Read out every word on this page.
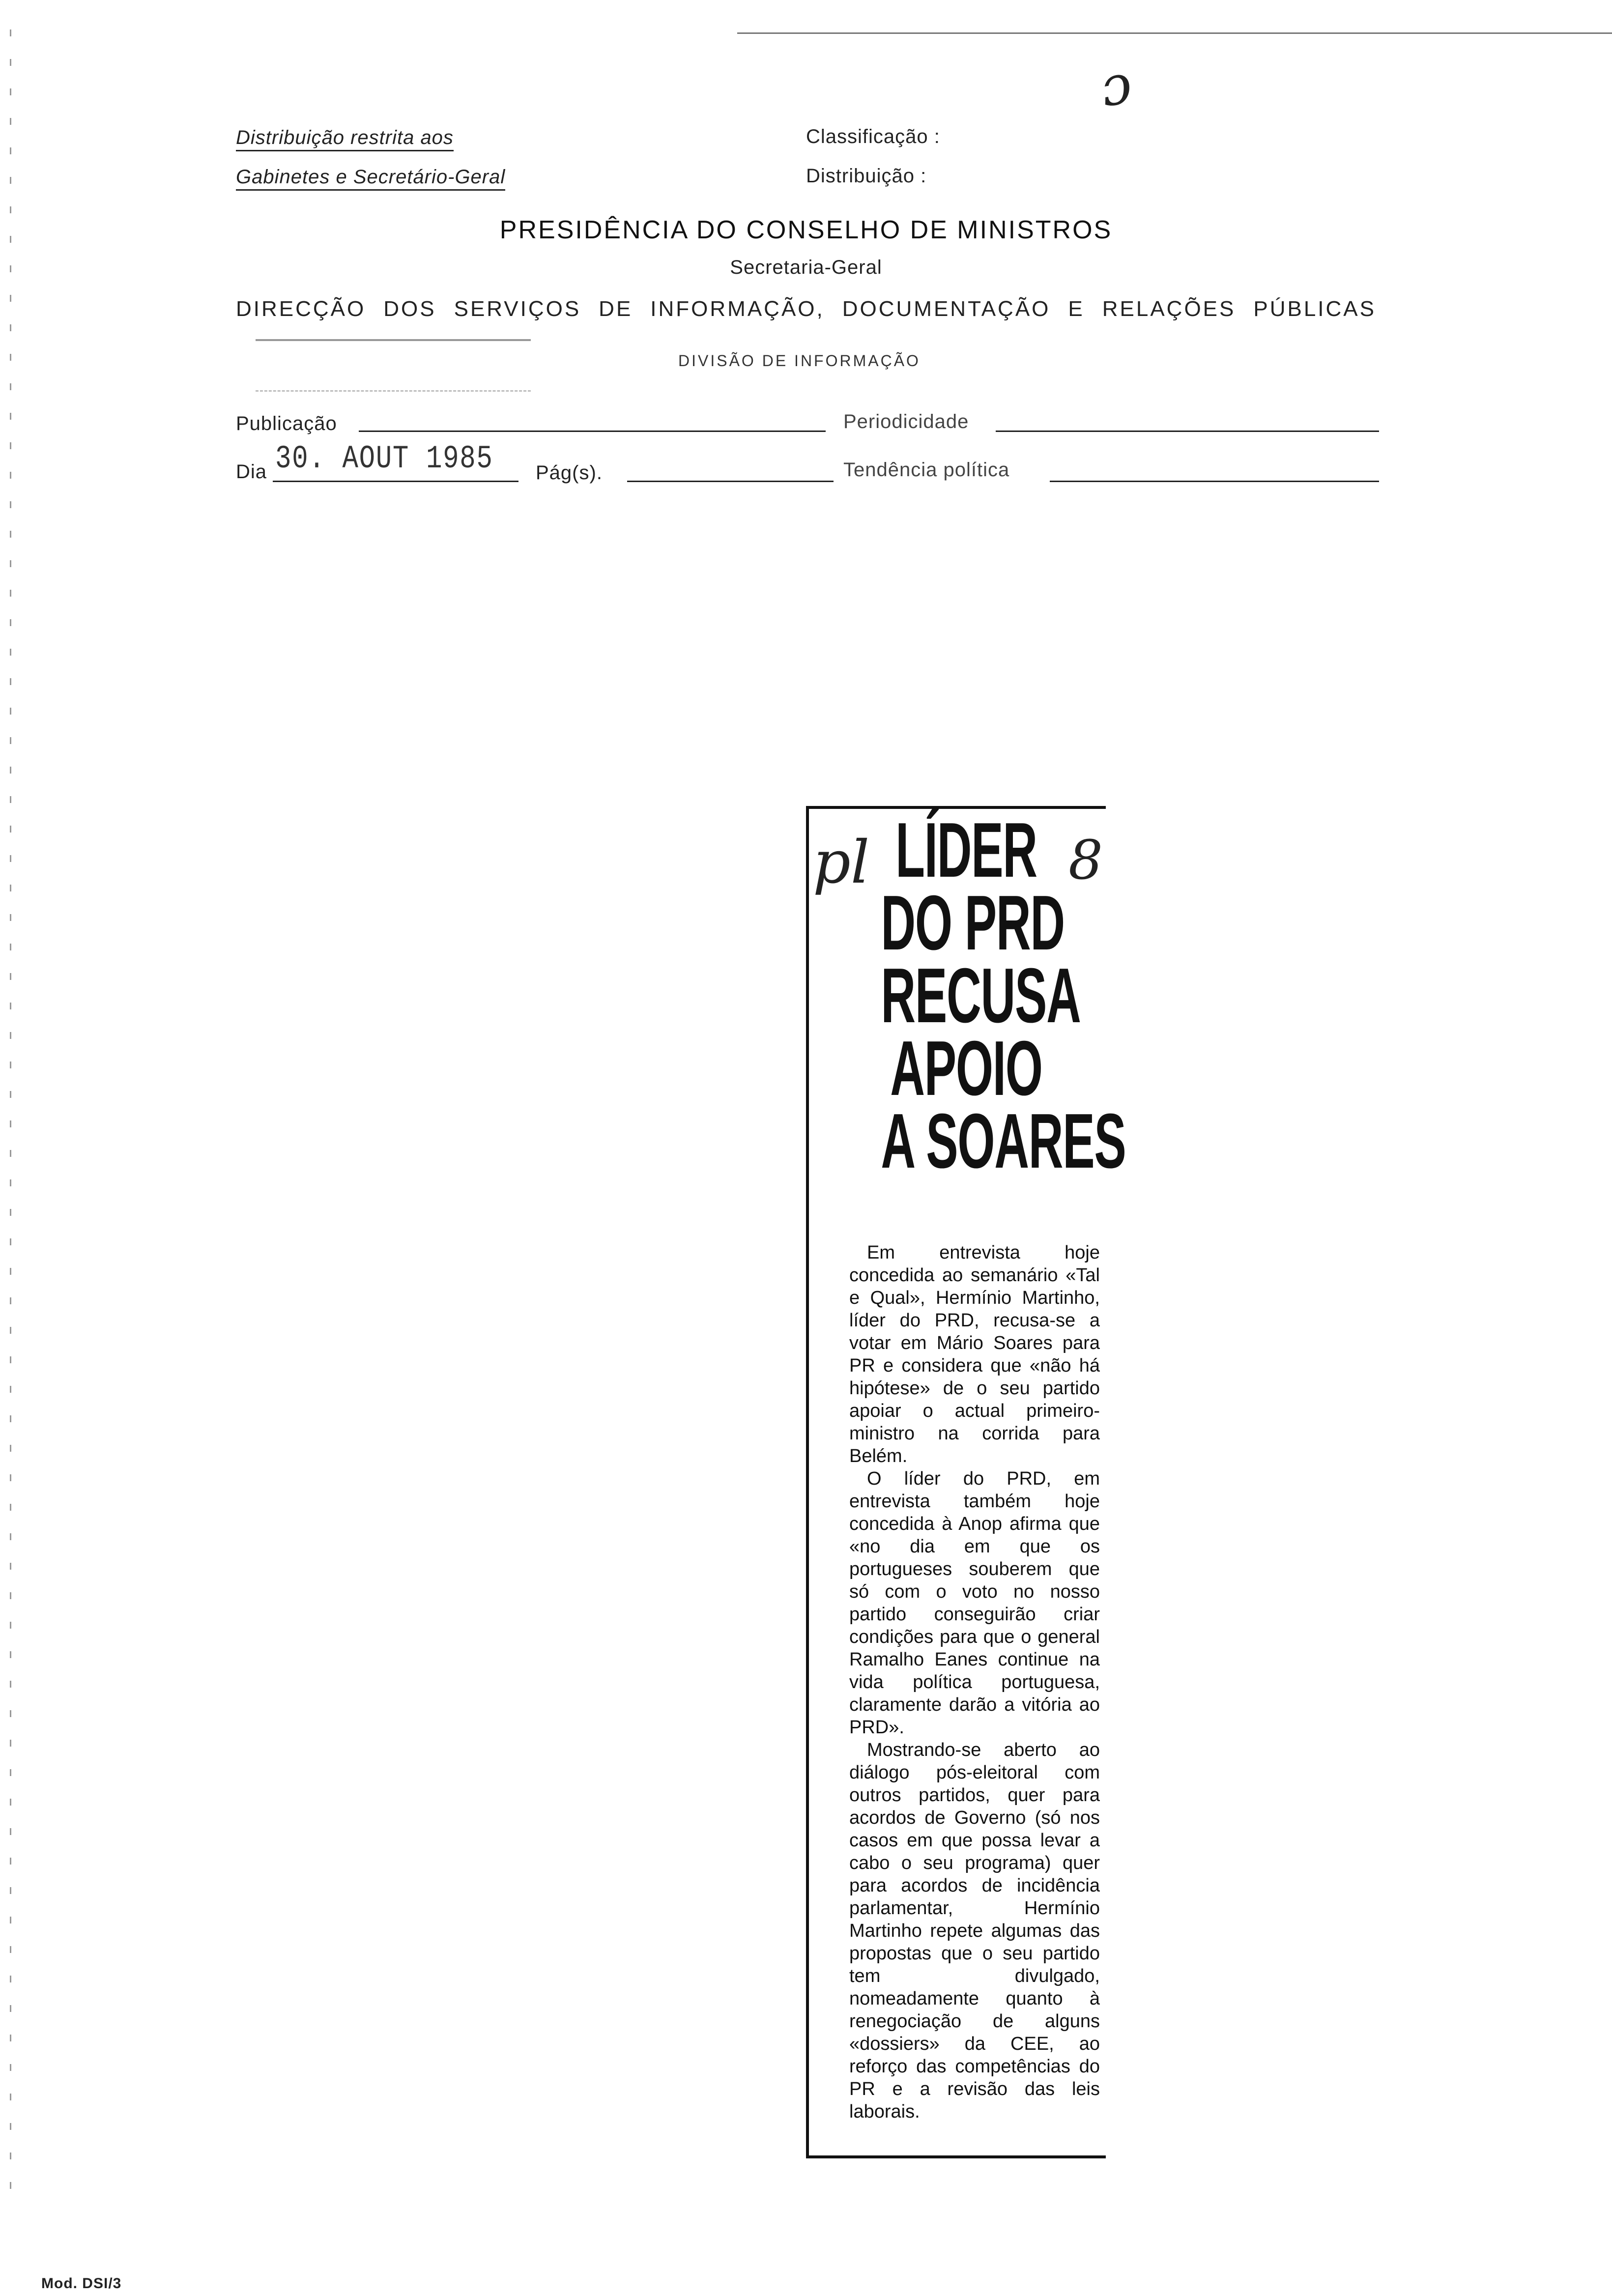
Distribuição restrita aos
Gabinetes e Secretário-Geral
Classificação :
Distribuição :
ɔ
PRESIDÊNCIA DO CONSELHO DE MINISTROS
Secretaria-Geral
DIRECÇÃO DOS SERVIÇOS DE INFORMAÇÃO, DOCUMENTAÇÃO E RELAÇÕES PÚBLICAS
DIVISÃO DE INFORMAÇÃO
Publicação	Periodicidade
Dia 30. AOUT 1985 Pág(s).	Tendência política
pl	8
LÍDER
DO PRD
RECUSA
APOIO
A SOARES

Em entrevista hoje concedida ao semanário «Tal e Qual», Hermínio Martinho, líder do PRD, recusa-se a votar em Mário Soares para PR e considera que «não há hipótese» de o seu partido apoiar o actual primeiro-ministro na corrida para Belém.

O líder do PRD, em entrevista também hoje concedida à Anop afirma que «no dia em que os portugueses souberem que só com o voto no nosso partido conseguirão criar condições para que o general Ramalho Eanes continue na vida política portuguesa, claramente darão a vitória ao PRD».

Mostrando-se aberto ao diálogo pós-eleitoral com outros partidos, quer para acordos de Governo (só nos casos em que possa levar a cabo o seu programa) quer para acordos de incidência parlamentar, Hermínio Martinho repete algumas das propostas que o seu partido tem divulgado, nomeadamente quanto à renegociação de alguns «dossiers» da CEE, ao reforço das competências do PR e a revisão das leis laborais.

Mod. DSI/3
